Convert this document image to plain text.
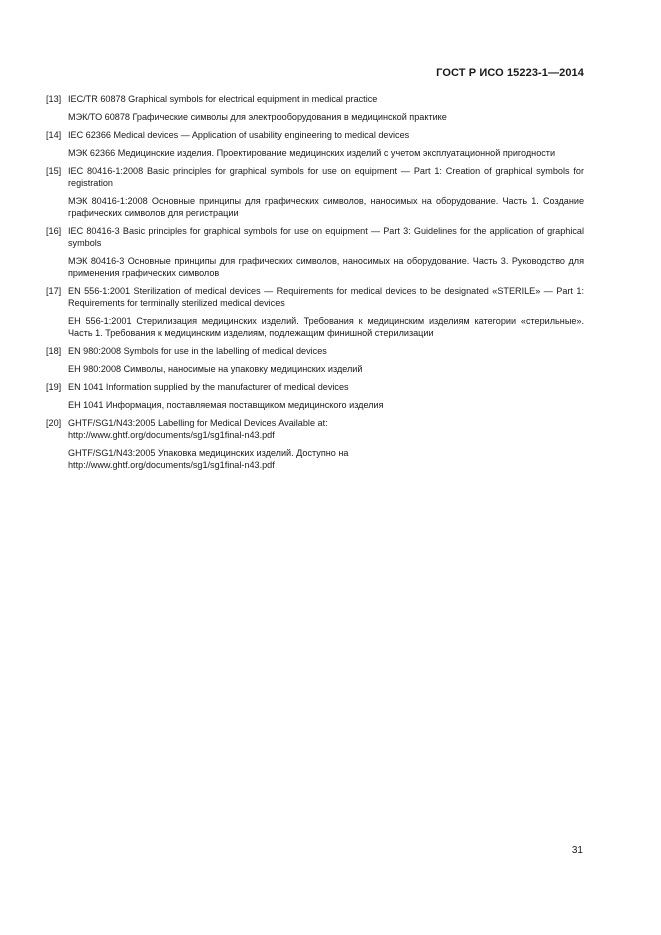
ГОСТ Р ИСО 15223-1—2014
[13] IEC/TR 60878 Graphical symbols for electrical equipment in medical practice

МЭК/ТО 60878 Графические символы для электрооборудования в медицинской практике

[14] IEC 62366 Medical devices — Application of usability engineering to medical devices

МЭК 62366 Медицинские изделия. Проектирование медицинских изделий с учетом эксплуатационной пригодности

[15] IEC 80416-1:2008 Basic principles for graphical symbols for use on equipment — Part 1: Creation of graphical symbols for registration

МЭК 80416-1:2008 Основные принципы для графических символов, наносимых на оборудование. Часть 1. Создание графических символов для регистрации

[16] IEC 80416-3 Basic principles for graphical symbols for use on equipment — Part 3: Guidelines for the application of graphical symbols

МЭК 80416-3 Основные принципы для графических символов, наносимых на оборудование. Часть 3. Руководство для применения графических символов

[17] EN 556-1:2001 Sterilization of medical devices — Requirements for medical devices to be designated «STERILE» — Part 1: Requirements for terminally sterilized medical devices

ЕН 556-1:2001 Стерилизация медицинских изделий. Требования к медицинским изделиям категории «стерильные». Часть 1. Требования к медицинским изделиям, подлежащим финишной стерилизации

[18] EN 980:2008 Symbols for use in the labelling of medical devices

ЕН 980:2008 Символы, наносимые на упаковку медицинских изделий

[19] EN 1041 Information supplied by the manufacturer of medical devices

ЕН 1041 Информация, поставляемая поставщиком медицинского изделия

[20] GHTF/SG1/N43:2005 Labelling for Medical Devices Available at:
http://www.ghtf.org/documents/sg1/sg1final-n43.pdf

GHTF/SG1/N43:2005 Упаковка медицинских изделий. Доступно на
http://www.ghtf.org/documents/sg1/sg1final-n43.pdf

31
